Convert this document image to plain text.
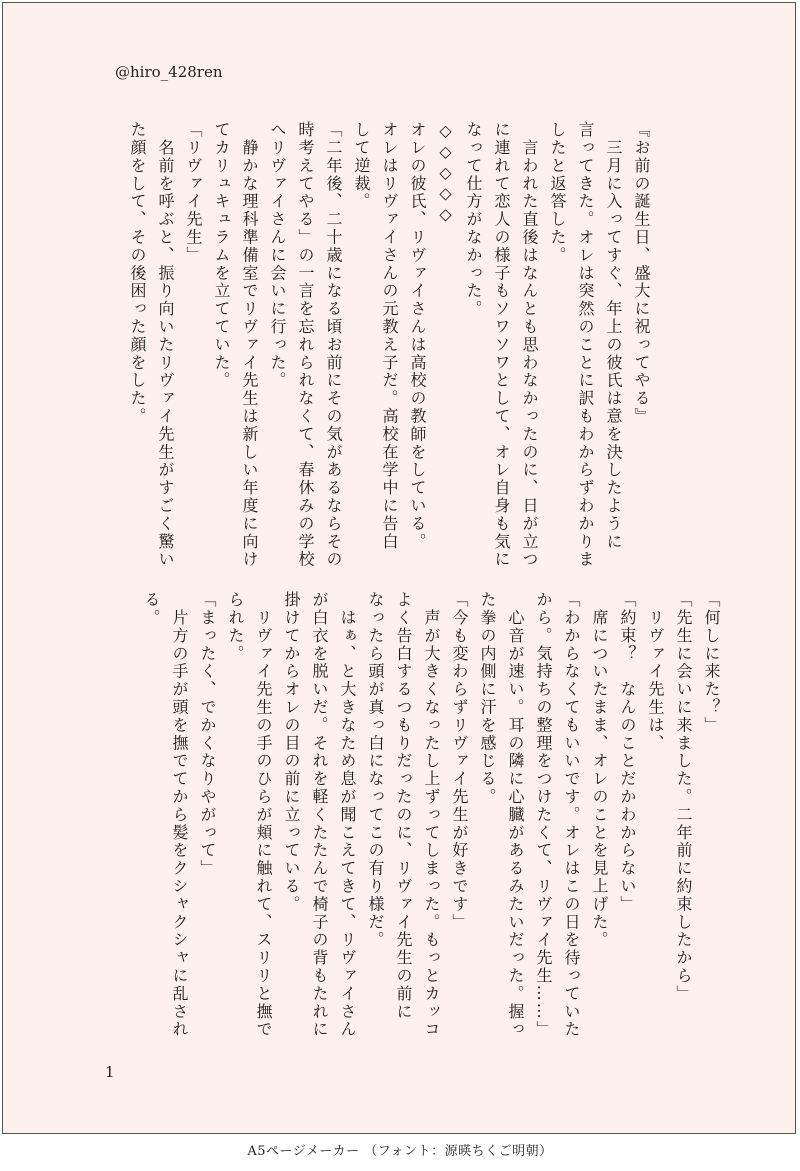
@hiro_428ren

『お前の誕生日、盛大に祝ってやる』

　三月に入ってすぐ、年上の彼氏は意を決したように

言ってきた。オレは突然のことに訳もわからずわかりま

したと返答した。

　言われた直後はなんとも思わなかったのに、日が立つ

に連れて恋人の様子もソワソワとして、オレ自身も気に

なって仕方がなかった。

◇◇◇◇◇

オレの彼氏、リヴァイさんは高校の教師をしている。

オレはリヴァイさんの元教え子だ。高校在学中に告白

して逆裁。

「二年後、二十歳になる頃お前にその気があるならその

時考えてやる」の一言を忘れられなくて、春休みの学校

へリヴァイさんに会いに行った。

　静かな理科準備室でリヴァイ先生は新しい年度に向け

てカリュキュラムを立てていた。

「リヴァイ先生」

　名前を呼ぶと、振り向いたリヴァイ先生がすごく驚い

た顔をして、その後困った顔をした。

「何しに来た？」

「先生に会いに来ました。二年前に約束したから」

　リヴァイ先生は、

「約束？　なんのことだかわからない」

　席についたまま、オレのことを見上げた。

「わからなくてもいいです。オレはこの日を待っていた

から。気持ちの整理をつけたくて、リヴァイ先生……」

　心音が速い。耳の隣に心臓があるみたいだった。握っ

た拳の内側に汗を感じる。

「今も変わらずリヴァイ先生が好きです」

　声が大きくなったし上ずってしまった。もっとカッコ

よく告白するつもりだったのに、リヴァイ先生の前に

なったら頭が真っ白になってこの有り様だ。

　はぁ、と大きなため息が聞こえてきて、リヴァイさん

が白衣を脱いだ。それを軽くたたんで椅子の背もたれに

掛けてからオレの目の前に立っている。

　リヴァイ先生の手のひらが頬に触れて、スリリと撫で

られた。

「まったく、でかくなりやがって」

　片方の手が頭を撫でてから髪をクシャクシャに乱され

る。

1
A5ページメーカー （フォント：源暎ちくご明朝）
